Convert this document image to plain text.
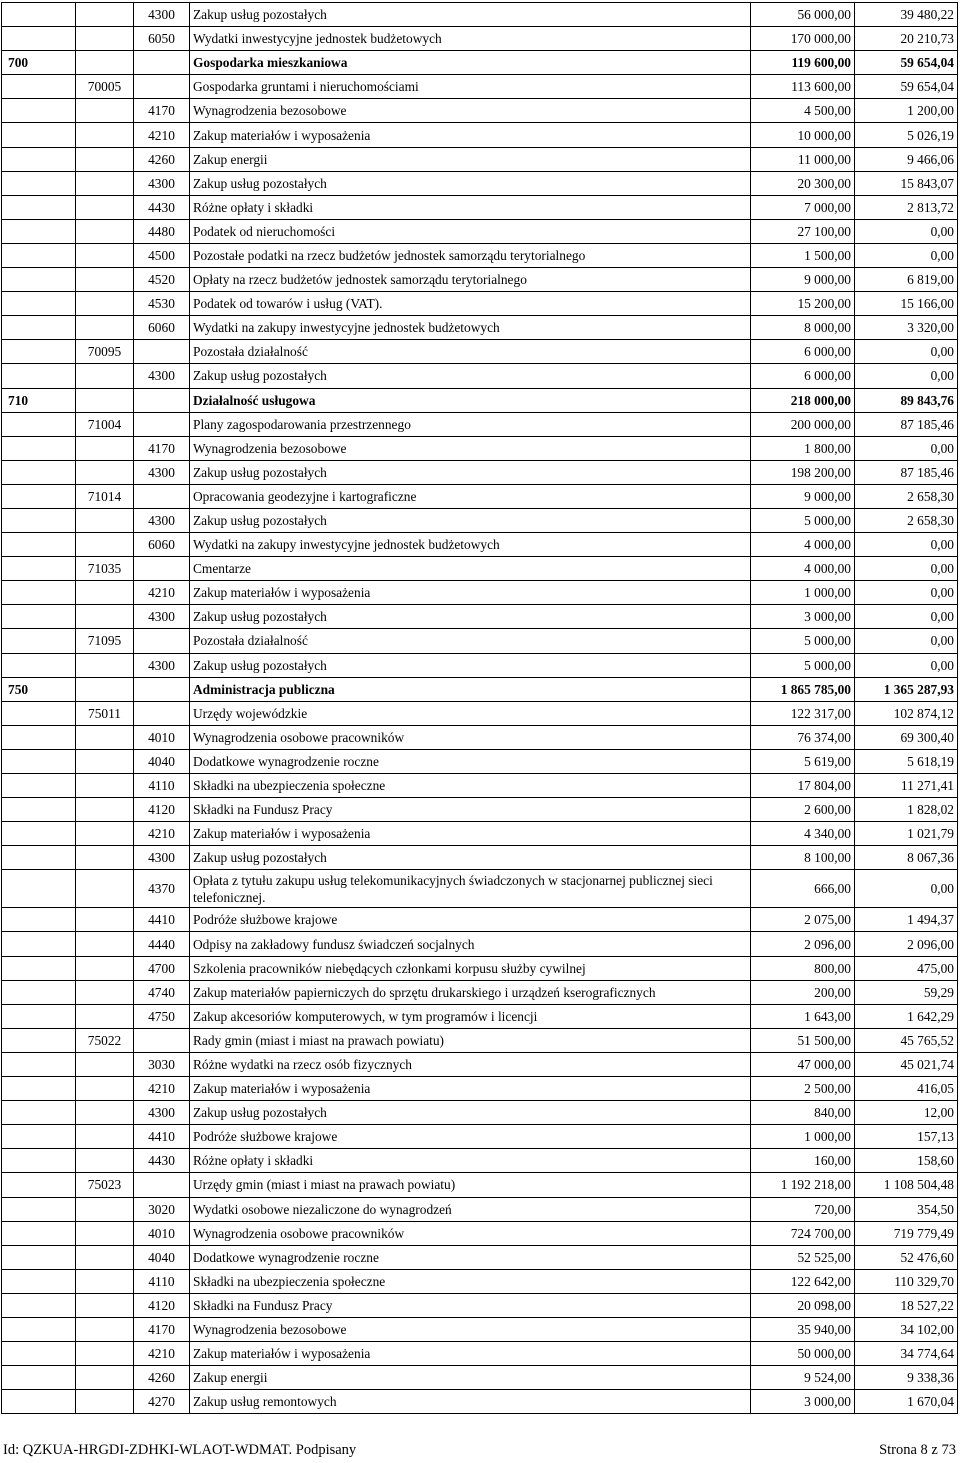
		4300	Zakup usług pozostałych	56 000,00	39 480,22
		6050	Wydatki inwestycyjne jednostek budżetowych	170 000,00	20 210,73
700			Gospodarka mieszkaniowa	119 600,00	59 654,04
	70005		Gospodarka gruntami i nieruchomościami	113 600,00	59 654,04
		4170	Wynagrodzenia bezosobowe	4 500,00	1 200,00
		4210	Zakup materiałów i wyposażenia	10 000,00	5 026,19
		4260	Zakup energii	11 000,00	9 466,06
		4300	Zakup usług pozostałych	20 300,00	15 843,07
		4430	Różne opłaty i składki	7 000,00	2 813,72
		4480	Podatek od nieruchomości	27 100,00	0,00
		4500	Pozostałe podatki na rzecz budżetów jednostek samorządu terytorialnego	1 500,00	0,00
		4520	Opłaty na rzecz budżetów jednostek samorządu terytorialnego	9 000,00	6 819,00
		4530	Podatek od towarów i usług (VAT).	15 200,00	15 166,00
		6060	Wydatki na zakupy inwestycyjne jednostek budżetowych	8 000,00	3 320,00
	70095		Pozostała działalność	6 000,00	0,00
		4300	Zakup usług pozostałych	6 000,00	0,00
710			Działalność usługowa	218 000,00	89 843,76
	71004		Plany zagospodarowania przestrzennego	200 000,00	87 185,46
		4170	Wynagrodzenia bezosobowe	1 800,00	0,00
		4300	Zakup usług pozostałych	198 200,00	87 185,46
	71014		Opracowania geodezyjne i kartograficzne	9 000,00	2 658,30
		4300	Zakup usług pozostałych	5 000,00	2 658,30
		6060	Wydatki na zakupy inwestycyjne jednostek budżetowych	4 000,00	0,00
	71035		Cmentarze	4 000,00	0,00
		4210	Zakup materiałów i wyposażenia	1 000,00	0,00
		4300	Zakup usług pozostałych	3 000,00	0,00
	71095		Pozostała działalność	5 000,00	0,00
		4300	Zakup usług pozostałych	5 000,00	0,00
750			Administracja publiczna	1 865 785,00	1 365 287,93
	75011		Urzędy wojewódzkie	122 317,00	102 874,12
		4010	Wynagrodzenia osobowe pracowników	76 374,00	69 300,40
		4040	Dodatkowe wynagrodzenie roczne	5 619,00	5 618,19
		4110	Składki na ubezpieczenia społeczne	17 804,00	11 271,41
		4120	Składki na Fundusz Pracy	2 600,00	1 828,02
		4210	Zakup materiałów i wyposażenia	4 340,00	1 021,79
		4300	Zakup usług pozostałych	8 100,00	8 067,36
		4370	Opłata z tytułu zakupu usług telekomunikacyjnych świadczonych w stacjonarnej publicznej sieci telefonicznej.	666,00	0,00
		4410	Podróże służbowe krajowe	2 075,00	1 494,37
		4440	Odpisy na zakładowy fundusz świadczeń socjalnych	2 096,00	2 096,00
		4700	Szkolenia pracowników niebędących członkami korpusu służby cywilnej	800,00	475,00
		4740	Zakup materiałów papierniczych do sprzętu drukarskiego i urządzeń kserograficznych	200,00	59,29
		4750	Zakup akcesoriów komputerowych, w tym programów i licencji	1 643,00	1 642,29
	75022		Rady gmin (miast i miast na prawach powiatu)	51 500,00	45 765,52
		3030	Różne wydatki na rzecz osób fizycznych	47 000,00	45 021,74
		4210	Zakup materiałów i wyposażenia	2 500,00	416,05
		4300	Zakup usług pozostałych	840,00	12,00
		4410	Podróże służbowe krajowe	1 000,00	157,13
		4430	Różne opłaty i składki	160,00	158,60
	75023		Urzędy gmin (miast i miast na prawach powiatu)	1 192 218,00	1 108 504,48
		3020	Wydatki osobowe niezaliczone do wynagrodzeń	720,00	354,50
		4010	Wynagrodzenia osobowe pracowników	724 700,00	719 779,49
		4040	Dodatkowe wynagrodzenie roczne	52 525,00	52 476,60
		4110	Składki na ubezpieczenia społeczne	122 642,00	110 329,70
		4120	Składki na Fundusz Pracy	20 098,00	18 527,22
		4170	Wynagrodzenia bezosobowe	35 940,00	34 102,00
		4210	Zakup materiałów i wyposażenia	50 000,00	34 774,64
		4260	Zakup energii	9 524,00	9 338,36
		4270	Zakup usług remontowych	3 000,00	1 670,04
Id: QZKUA-HRGDI-ZDHKI-WLAOT-WDMAT. Podpisany	Strona 8 z 73
